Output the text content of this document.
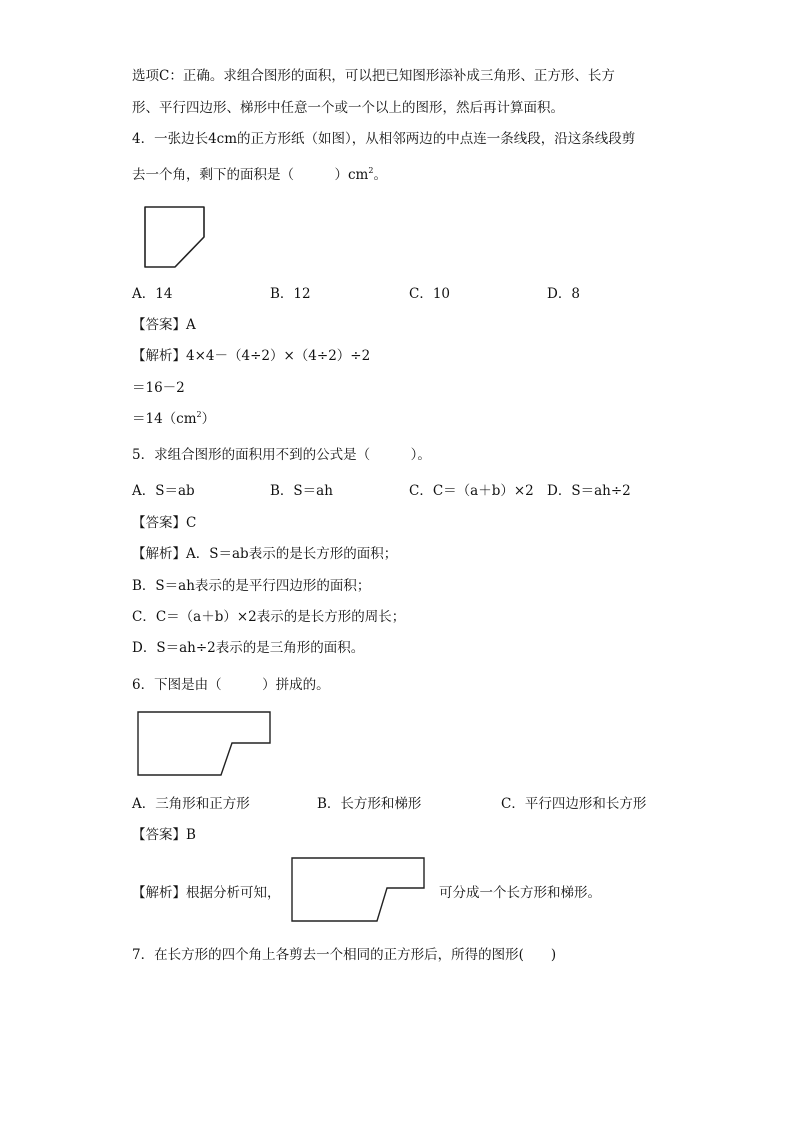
选项C：正确。求组合图形的面积，可以把已知图形添补成三角形、正方形、长方
形、平行四边形、梯形中任意一个或一个以上的图形，然后再计算面积。
4．一张边长4cm的正方形纸（如图），从相邻两边的中点连一条线段，沿这条线段剪
去一个角，剩下的面积是（　　　）$cm^2$。
A．14	B．12	C．10	D．8
【答案】A
【解析】4×4－（4÷2）×（4÷2）÷2
＝16－2
$=14(cm^2)$
5．求组合图形的面积用不到的公式是（　　　）。
A．S＝ab	B．S＝ah	C．C＝（a＋b）×2 D．S＝ah÷2
【答案】C
【解析】A．S＝ab表示的是长方形的面积；
B．S＝ah表示的是平行四边形的面积；
C．C＝（a＋b）×2表示的是长方形的周长；
D．S＝ah÷2表示的是三角形的面积。
6．下图是由（　　　）拼成的。
A．三角形和正方形	B．长方形和梯形	C．平行四边形和长方形
【答案】B
【解析】根据分析可知，	可分成一个长方形和梯形。
7．在长方形的四个角上各剪去一个相同的正方形后，所得的图形(　　)
